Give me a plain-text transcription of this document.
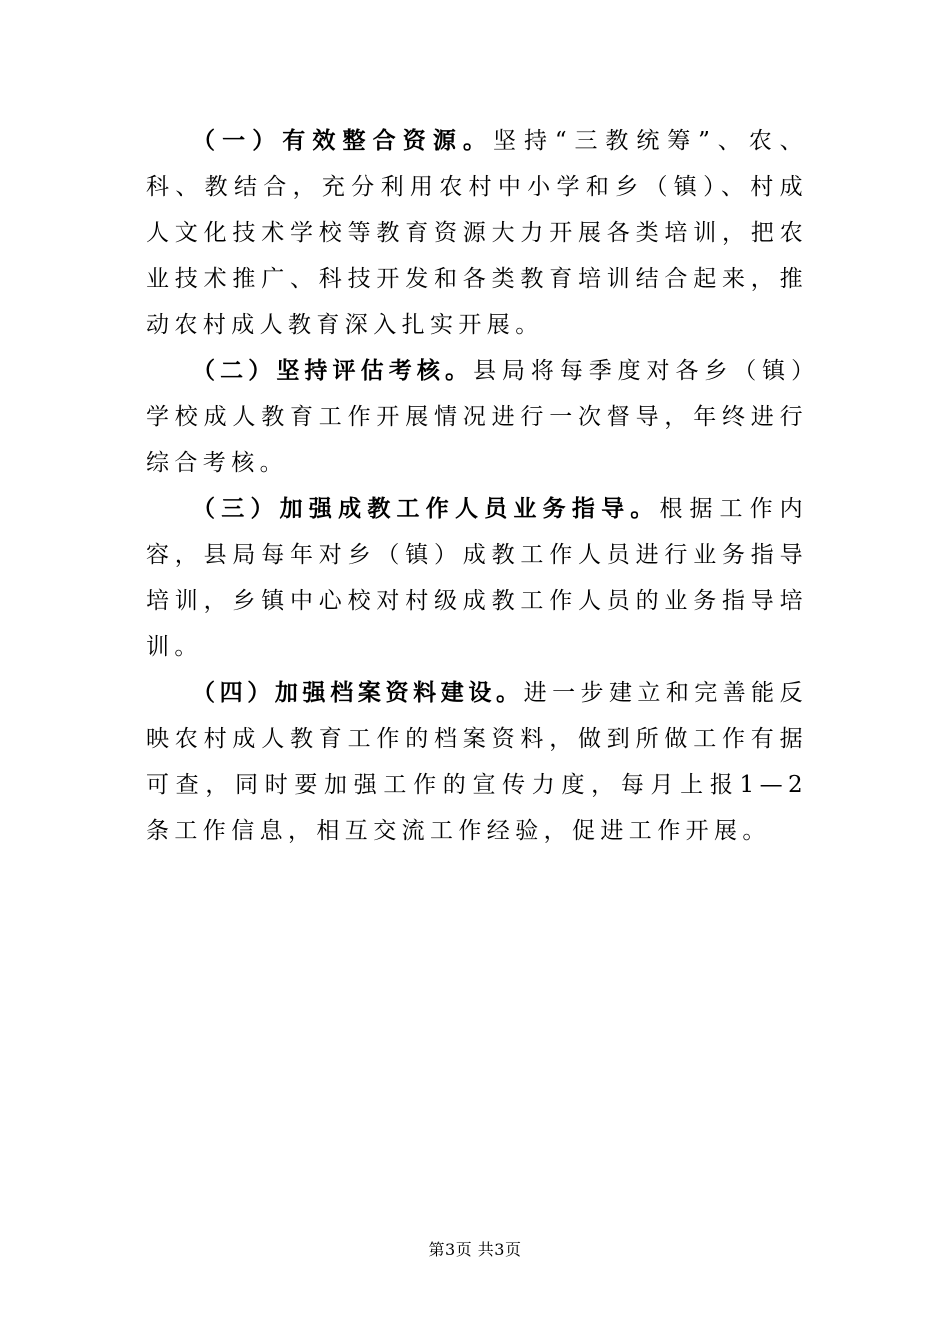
（一）有效整合资源。坚持“三教统筹”、农、科、教结合，充分利用农村中小学和乡（镇）、村成人文化技术学校等教育资源大力开展各类培训，把农业技术推广、科技开发和各类教育培训结合起来，推动农村成人教育深入扎实开展。

（二）坚持评估考核。县局将每季度对各乡（镇）学校成人教育工作开展情况进行一次督导，年终进行综合考核。

（三）加强成教工作人员业务指导。根据工作内容，县局每年对乡（镇）成教工作人员进行业务指导培训，乡镇中心校对村级成教工作人员的业务指导培训。

（四）加强档案资料建设。进一步建立和完善能反映农村成人教育工作的档案资料，做到所做工作有据可查，同时要加强工作的宣传力度，每月上报1—2条工作信息，相互交流工作经验，促进工作开展。

第3页 共3页
